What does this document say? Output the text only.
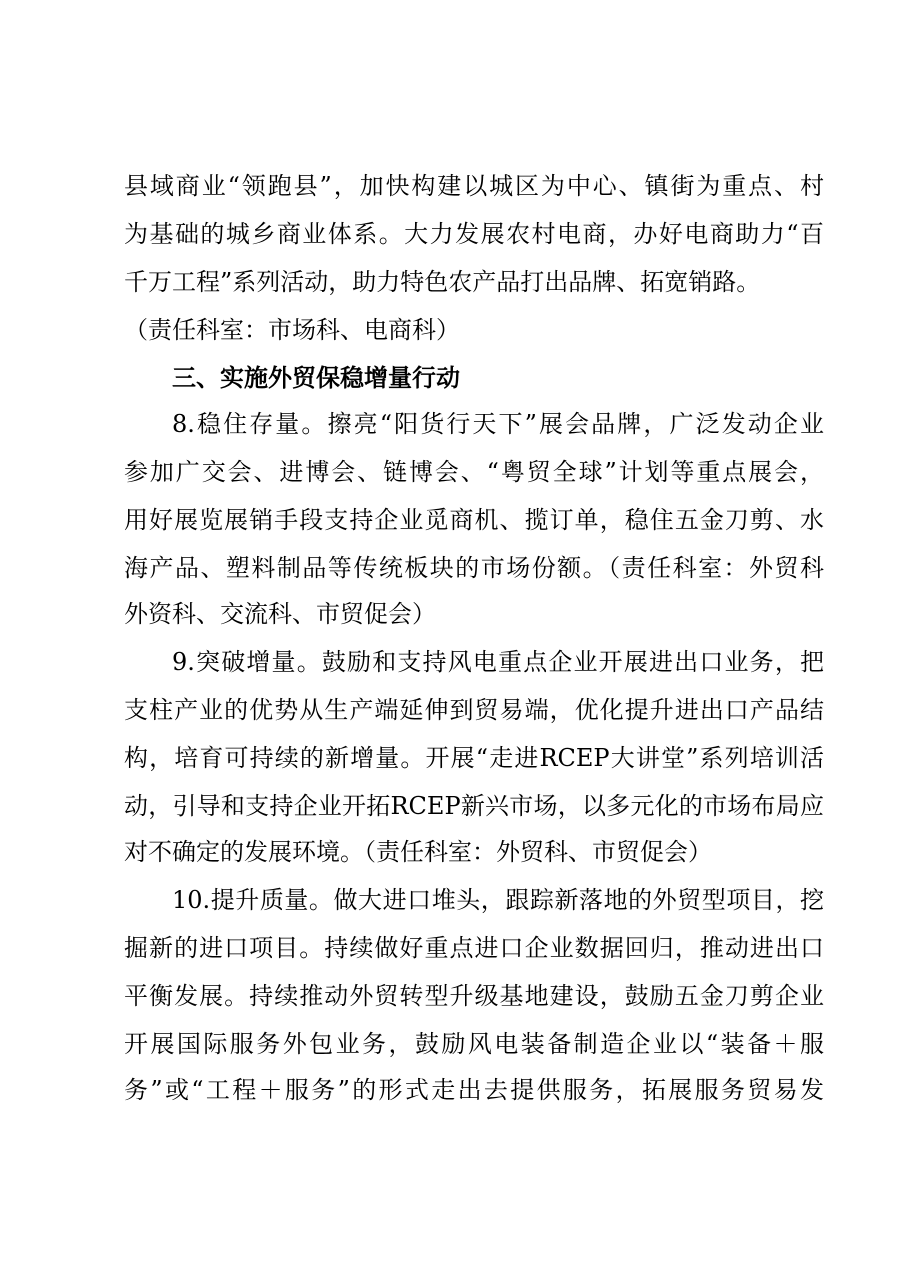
县域商业“领跑县”，加快构建以城区为中心、镇街为重点、村
为基础的城乡商业体系。大力发展农村电商，办好电商助力“百
千万工程”系列活动，助力特色农产品打出品牌、拓宽销路。
（责任科室：市场科、电商科）
三、实施外贸保稳增量行动
8.稳住存量。擦亮“阳货行天下”展会品牌，广泛发动企业
参加广交会、进博会、链博会、“粤贸全球”计划等重点展会，
用好展览展销手段支持企业觅商机、揽订单，稳住五金刀剪、水
海产品、塑料制品等传统板块的市场份额。（责任科室：外贸科
外资科、交流科、市贸促会）
9.突破增量。鼓励和支持风电重点企业开展进出口业务，把
支柱产业的优势从生产端延伸到贸易端，优化提升进出口产品结
构，培育可持续的新增量。开展“走进RCEP大讲堂”系列培训活
动，引导和支持企业开拓RCEP新兴市场，以多元化的市场布局应
对不确定的发展环境。（责任科室：外贸科、市贸促会）
10.提升质量。做大进口堆头，跟踪新落地的外贸型项目，挖
掘新的进口项目。持续做好重点进口企业数据回归，推动进出口
平衡发展。持续推动外贸转型升级基地建设，鼓励五金刀剪企业
开展国际服务外包业务，鼓励风电装备制造企业以“装备＋服
务”或“工程＋服务”的形式走出去提供服务，拓展服务贸易发
